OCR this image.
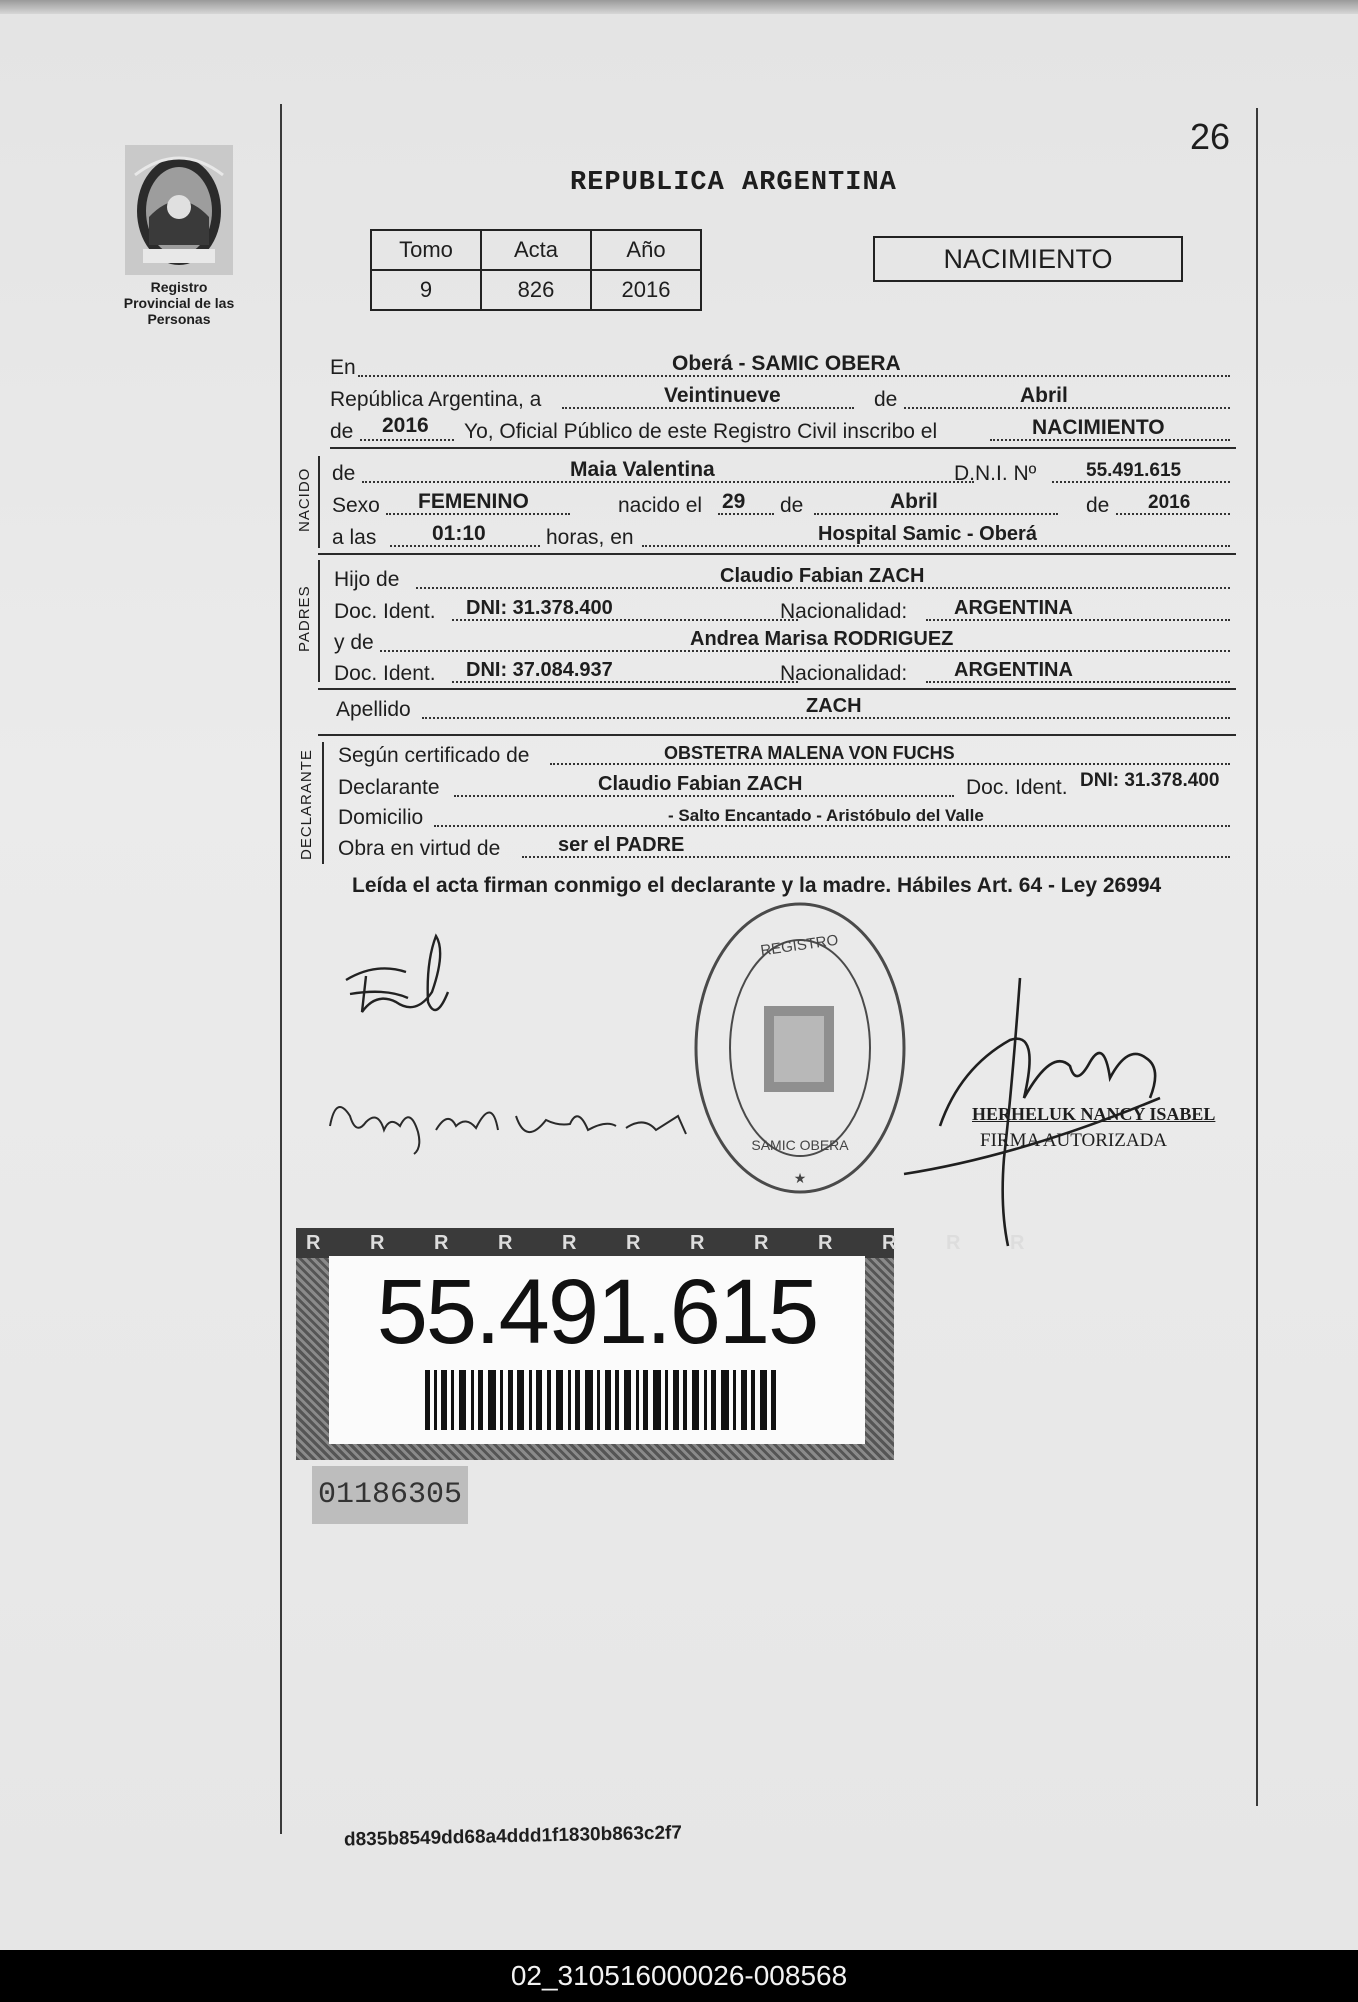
Registro Provincial de las Personas
26
REPUBLICA ARGENTINA
Tomo	Acta	Año
9	826	2016
NACIMIENTO
En	Oberá - SAMIC OBERA
República Argentina, a	Veintinueve	de	Abril
de 2016 Yo, Oficial Público de este Registro Civil inscribo el	NACIMIENTO
NACIDO de	Maia Valentina	D.N.I. Nº	55.491.615
Sexo FEMENINO	nacido el 29 de	Abril	de 2016
a las	01:10	horas, en	Hospital Samic - Oberá
PADRES
Hijo de	Claudio Fabian ZACH
Doc. Ident. DNI: 31.378.400	Nacionalidad: ARGENTINA
y de	Andrea Marisa RODRIGUEZ
Doc. Ident. DNI: 37.084.937	Nacionalidad: ARGENTINA
Apellido	ZACH
DECLARANTE Según certificado de	OBSTETRA MALENA VON FUCHS
Declarante	Claudio Fabian ZACH	Doc. Ident. DNI: 31.378.400
Domicilio	- Salto Encantado - Aristóbulo del Valle
Obra en virtud de	ser el PADRE
Leída el acta firman conmigo el declarante y la madre. Hábiles Art. 64 - Ley 26994
REGISTRO
SAMIC OBERA
★
HERHELUK NANCY ISABEL
FIRMA AUTORIZADA
R R R R R R R R R R R R
55.491.615
01186305
d835b8549dd68a4ddd1f1830b863c2f7
02_310516000026-008568
